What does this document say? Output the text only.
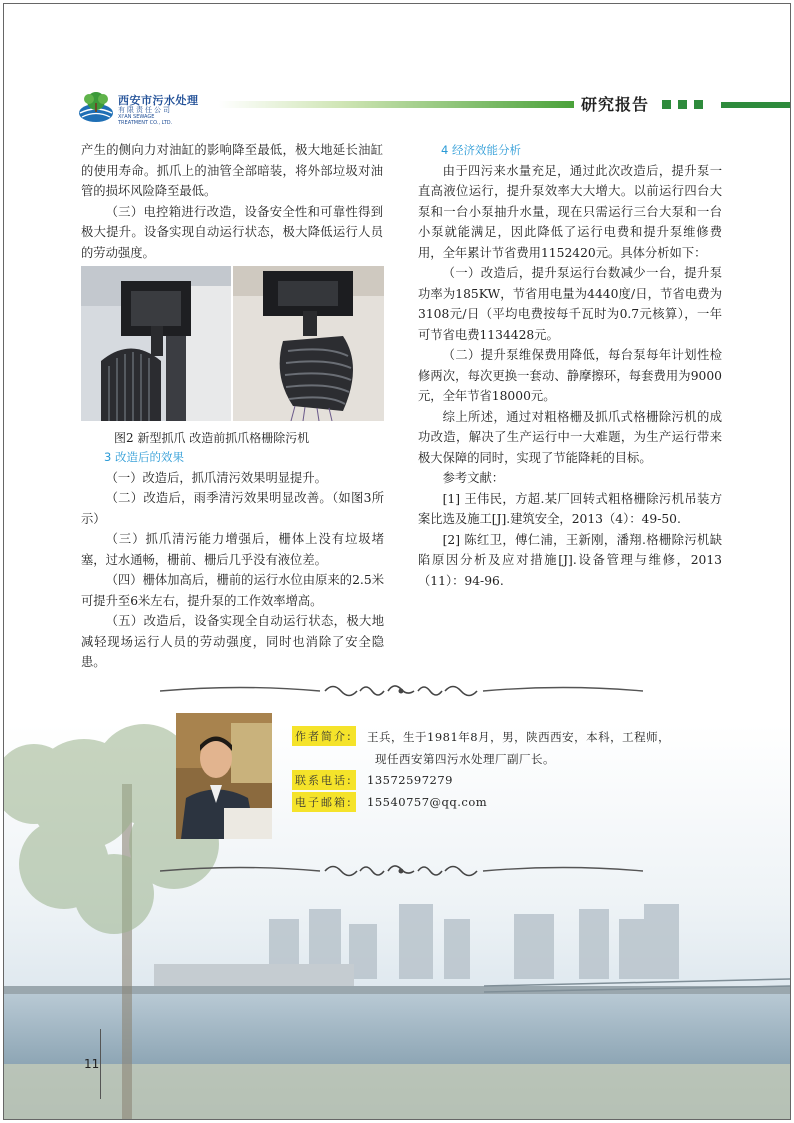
西安市污水处理
有限责任公司
XI'AN SEWAGE
TREATMENT CO., LTD.
研究报告

产生的侧向力对油缸的影响降至最低，极大地延长油缸的使用寿命。抓爪上的油管全部暗装，将外部垃圾对油管的损坏风险降至最低。

（三）电控箱进行改造，设备安全性和可靠性得到极大提升。设备实现自动运行状态，极大降低运行人员的劳动强度。

图2 新型抓爪 改造前抓爪格栅除污机

3 改造后的效果

（一）改造后，抓爪清污效果明显提升。

（二）改造后，雨季清污效果明显改善。（如图3所示）

（三）抓爪清污能力增强后，栅体上没有垃圾堵塞，过水通畅，栅前、栅后几乎没有液位差。

（四）栅体加高后，栅前的运行水位由原来的2.5米可提升至6米左右，提升泵的工作效率增高。

（五）改造后，设备实现全自动运行状态，极大地减轻现场运行人员的劳动强度，同时也消除了安全隐患。

4 经济效能分析

由于四污来水量充足，通过此次改造后，提升泵一直高液位运行，提升泵效率大大增大。以前运行四台大泵和一台小泵抽升水量，现在只需运行三台大泵和一台小泵就能满足，因此降低了运行电费和提升泵维修费用，全年累计节省费用1152420元。具体分析如下：

（一）改造后，提升泵运行台数减少一台，提升泵功率为185KW，节省用电量为4440度/日，节省电费为3108元/日（平均电费按每千瓦时为0.7元核算），一年可节省电费1134428元。

（二）提升泵维保费用降低，每台泵每年计划性检修两次，每次更换一套动、静摩擦环，每套费用为9000元，全年节省18000元。

综上所述，通过对粗格栅及抓爪式格栅除污机的成功改造，解决了生产运行中一大难题，为生产运行带来极大保障的同时，实现了节能降耗的目标。

参考文献：

[1] 王伟民，方超.某厂回转式粗格栅除污机吊装方案比选及施工[J].建筑安全，2013（4）：49-50.

[2] 陈红卫，傅仁浦，王新刚，潘翔.格栅除污机缺陷原因分析及应对措施[J].设备管理与维修，2013（11）：94-96.

作者简介: 王兵，生于1981年8月，男，陕西西安，本科，工程师，
现任西安第四污水处理厂副厂长。
联系电话: 13572597279
电子邮箱: 15540757@qq.com
11
